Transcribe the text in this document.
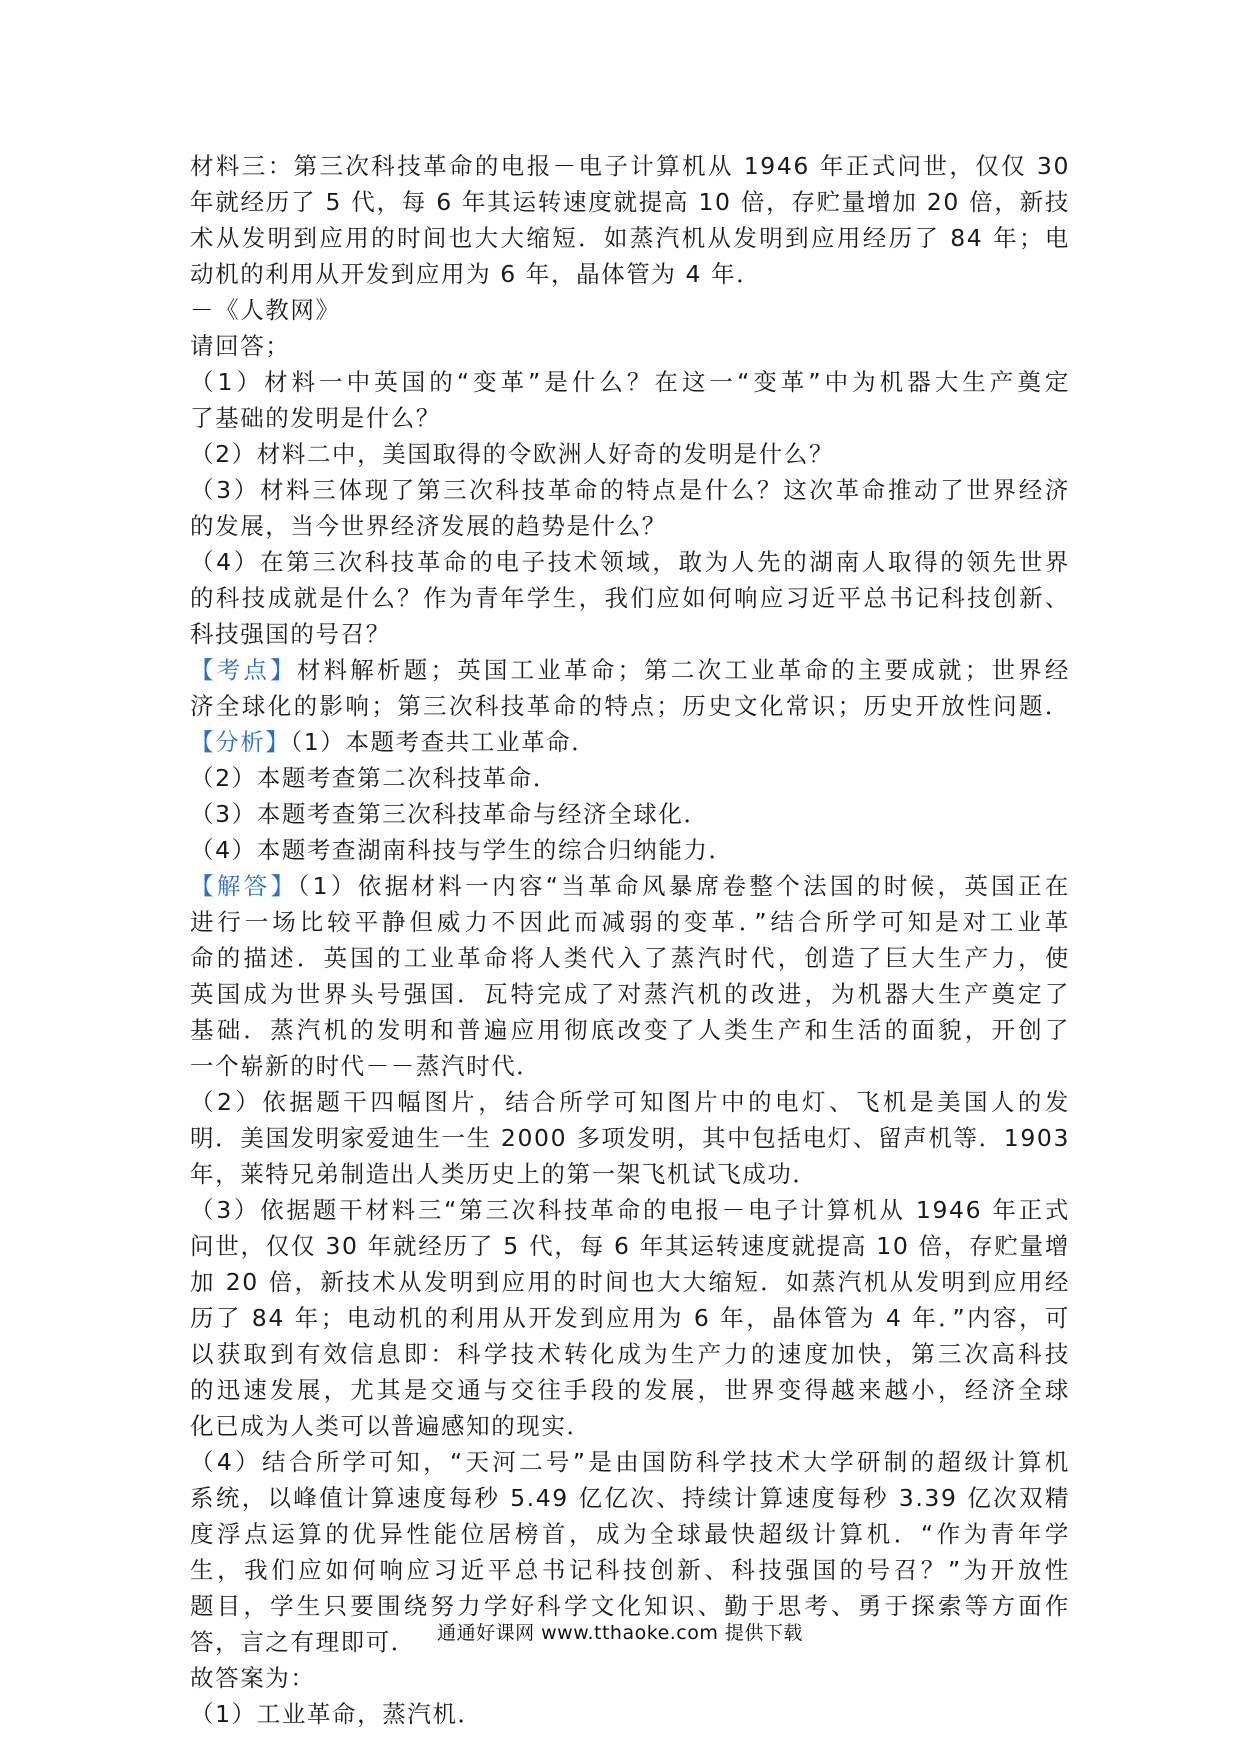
材料三：第三次科技革命的电报－电子计算机从 1946 年正式问世，仅仅 30
年就经历了 5 代，每 6 年其运转速度就提高 10 倍，存贮量增加 20 倍，新技
术从发明到应用的时间也大大缩短．如蒸汽机从发明到应用经历了 84 年；电
动机的利用从开发到应用为 6 年，晶体管为 4 年．
－《人教网》
请回答；
（1）材料一中英国的“变革”是什么？在这一“变革”中为机器大生产奠定
了基础的发明是什么？
（2）材料二中，美国取得的令欧洲人好奇的发明是什么？
（3）材料三体现了第三次科技革命的特点是什么？这次革命推动了世界经济
的发展，当今世界经济发展的趋势是什么？
（4）在第三次科技革命的电子技术领域，敢为人先的湖南人取得的领先世界
的科技成就是什么？作为青年学生，我们应如何响应习近平总书记科技创新、
科技强国的号召？
【考点】材料解析题；英国工业革命；第二次工业革命的主要成就；世界经
济全球化的影响；第三次科技革命的特点；历史文化常识；历史开放性问题．
【分析】（1）本题考查共工业革命．
（2）本题考查第二次科技革命．
（3）本题考查第三次科技革命与经济全球化．
（4）本题考查湖南科技与学生的综合归纳能力．
【解答】（1）依据材料一内容“当革命风暴席卷整个法国的时候，英国正在
进行一场比较平静但威力不因此而减弱的变革．”结合所学可知是对工业革
命的描述．英国的工业革命将人类代入了蒸汽时代，创造了巨大生产力，使
英国成为世界头号强国．瓦特完成了对蒸汽机的改进，为机器大生产奠定了
基础．蒸汽机的发明和普遍应用彻底改变了人类生产和生活的面貌，开创了
一个崭新的时代－－蒸汽时代．
（2）依据题干四幅图片，结合所学可知图片中的电灯、飞机是美国人的发
明．美国发明家爱迪生一生 2000 多项发明，其中包括电灯、留声机等．1903
年，莱特兄弟制造出人类历史上的第一架飞机试飞成功．
（3）依据题干材料三“第三次科技革命的电报－电子计算机从 1946 年正式
问世，仅仅 30 年就经历了 5 代，每 6 年其运转速度就提高 10 倍，存贮量增
加 20 倍，新技术从发明到应用的时间也大大缩短．如蒸汽机从发明到应用经
历了 84 年；电动机的利用从开发到应用为 6 年，晶体管为 4 年．”内容，可
以获取到有效信息即：科学技术转化成为生产力的速度加快，第三次高科技
的迅速发展，尤其是交通与交往手段的发展，世界变得越来越小，经济全球
化已成为人类可以普遍感知的现实．
（4）结合所学可知，“天河二号”是由国防科学技术大学研制的超级计算机
系统，以峰值计算速度每秒 5.49 亿亿次、持续计算速度每秒 3.39 亿次双精
度浮点运算的优异性能位居榜首，成为全球最快超级计算机．“作为青年学
生，我们应如何响应习近平总书记科技创新、科技强国的号召？”为开放性
题目，学生只要围绕努力学好科学文化知识、勤于思考、勇于探索等方面作
答，言之有理即可．
故答案为：
（1）工业革命，蒸汽机．
通通好课网 www.tthaoke.com 提供下载
